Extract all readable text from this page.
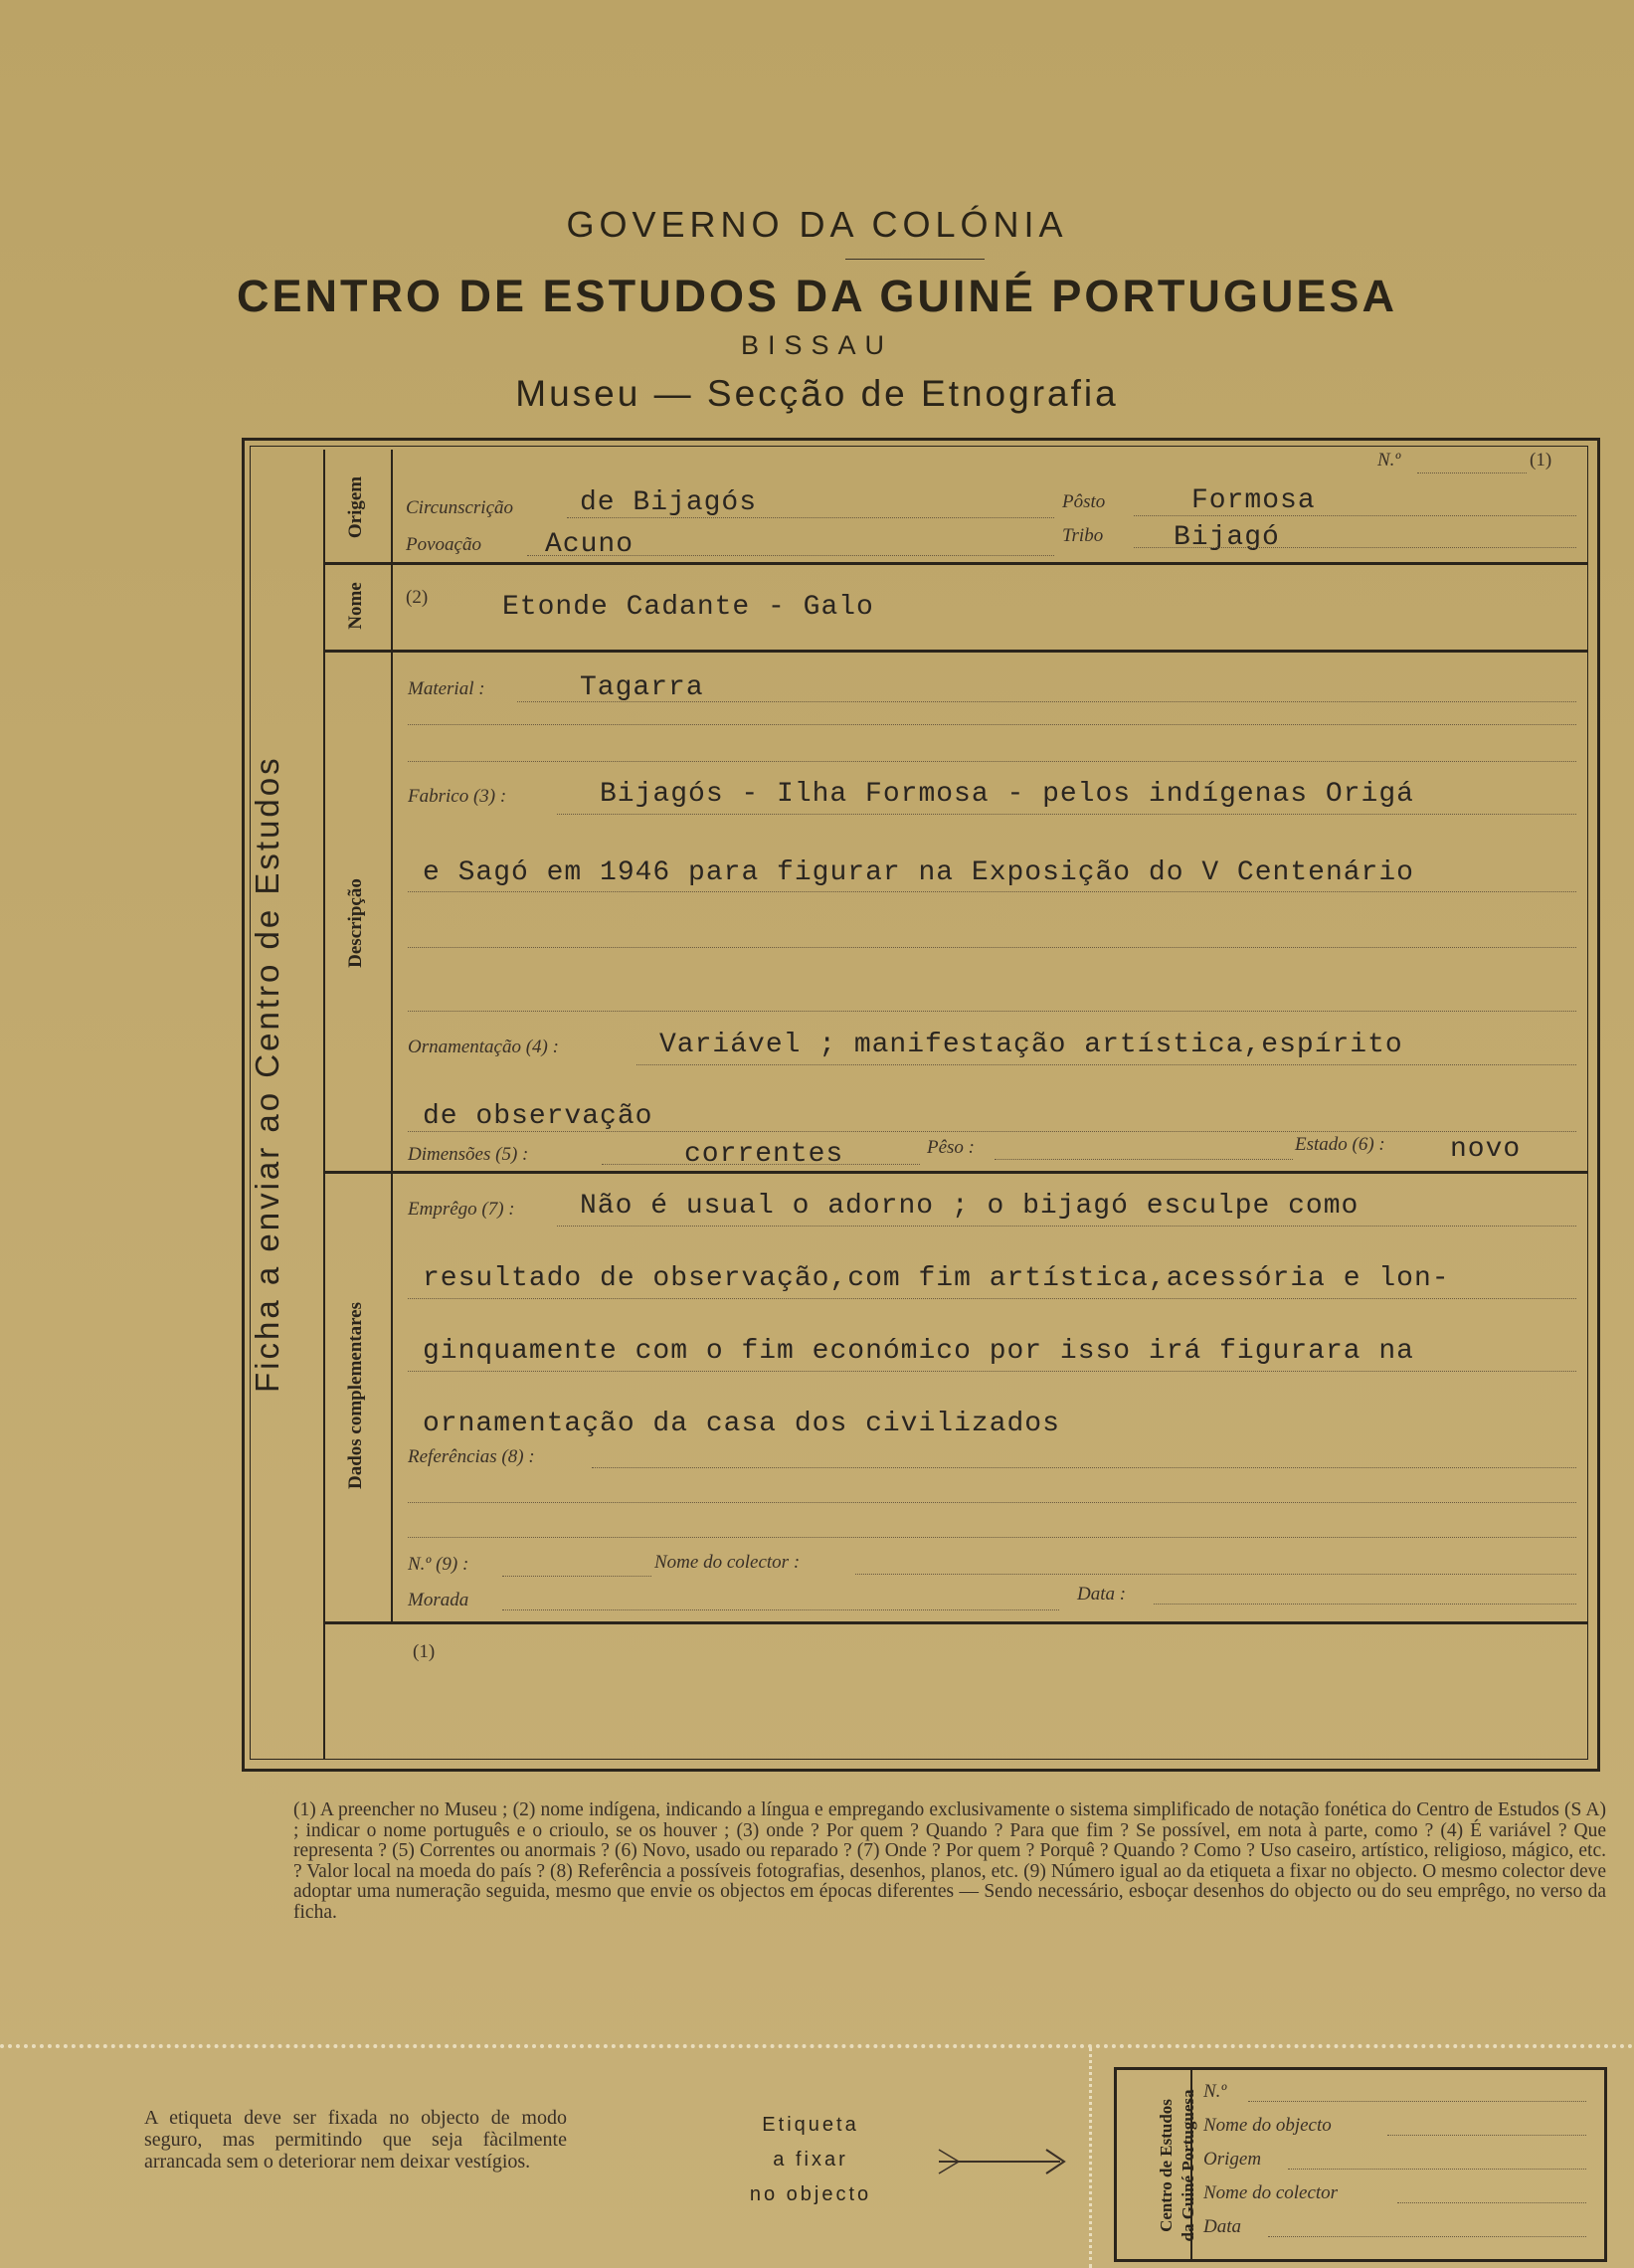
GOVERNO DA COLÓNIA
CENTRO DE ESTUDOS DA GUINÉ PORTUGUESA
BISSAU
Museu — Secção de Etnografia
Ficha a enviar ao Centro de Estudos
Origem
Nome
Descripção
Dados complementares
N.º	(1)
Circunscrição de Bijagós	Pôsto	Formosa
Povoação Acuno	Tribo	Bijagó
(2)	Etonde Cadante - Galo
Material :	Tagarra
Fabrico (3) :	Bijagós - Ilha Formosa - pelos indígenas Origá
e Sagó em 1946 para figurar na Exposição do V Centenário
Ornamentação (4) :	Variável ; manifestação artística,espírito
de observação
Dimensões (5) :	correntes	Pêso :	Estado (6) : novo
Emprêgo (7) : Não é usual o adorno ; o bijagó esculpe como
resultado de observação,com fim artística,acessória e lon-
ginquamente com o fim económico por isso irá figurara na
ornamentação da casa dos civilizados
Referências (8) :
N.º (9) :	Nome do colector :
Morada	Data :
(1)
(1) A preencher no Museu ; (2) nome indígena, indicando a língua e empregando exclusivamente o sistema simplificado de notação fonética do Centro de Estudos (S A) ; indicar o nome português e o crioulo, se os houver ; (3) onde ? Por quem ? Quando ? Para que fim ? Se possível, em nota à parte, como ? (4) É variável ? Que representa ? (5) Correntes ou anormais ? (6) Novo, usado ou reparado ? (7) Onde ? Por quem ? Porquê ? Quando ? Como ? Uso caseiro, artístico, religioso, mágico, etc. ? Valor local na moeda do país ? (8) Referência a possíveis fotografias, desenhos, planos, etc. (9) Número igual ao da etiqueta a fixar no objecto. O mesmo colector deve adoptar uma numeração seguida, mesmo que envie os objectos em épocas diferentes — Sendo necessário, esboçar desenhos do objecto ou do seu emprêgo, no verso da ficha.
A etiqueta deve ser fixada no objecto de modo seguro, mas permitindo que seja fàcilmente arrancada sem o deteriorar nem deixar vestígios.
Etiqueta
a fixar
no objecto	Centro de Estudos da Guiné Portuguesa N.º
Nome do objecto
Origem
Nome do colector
Data
